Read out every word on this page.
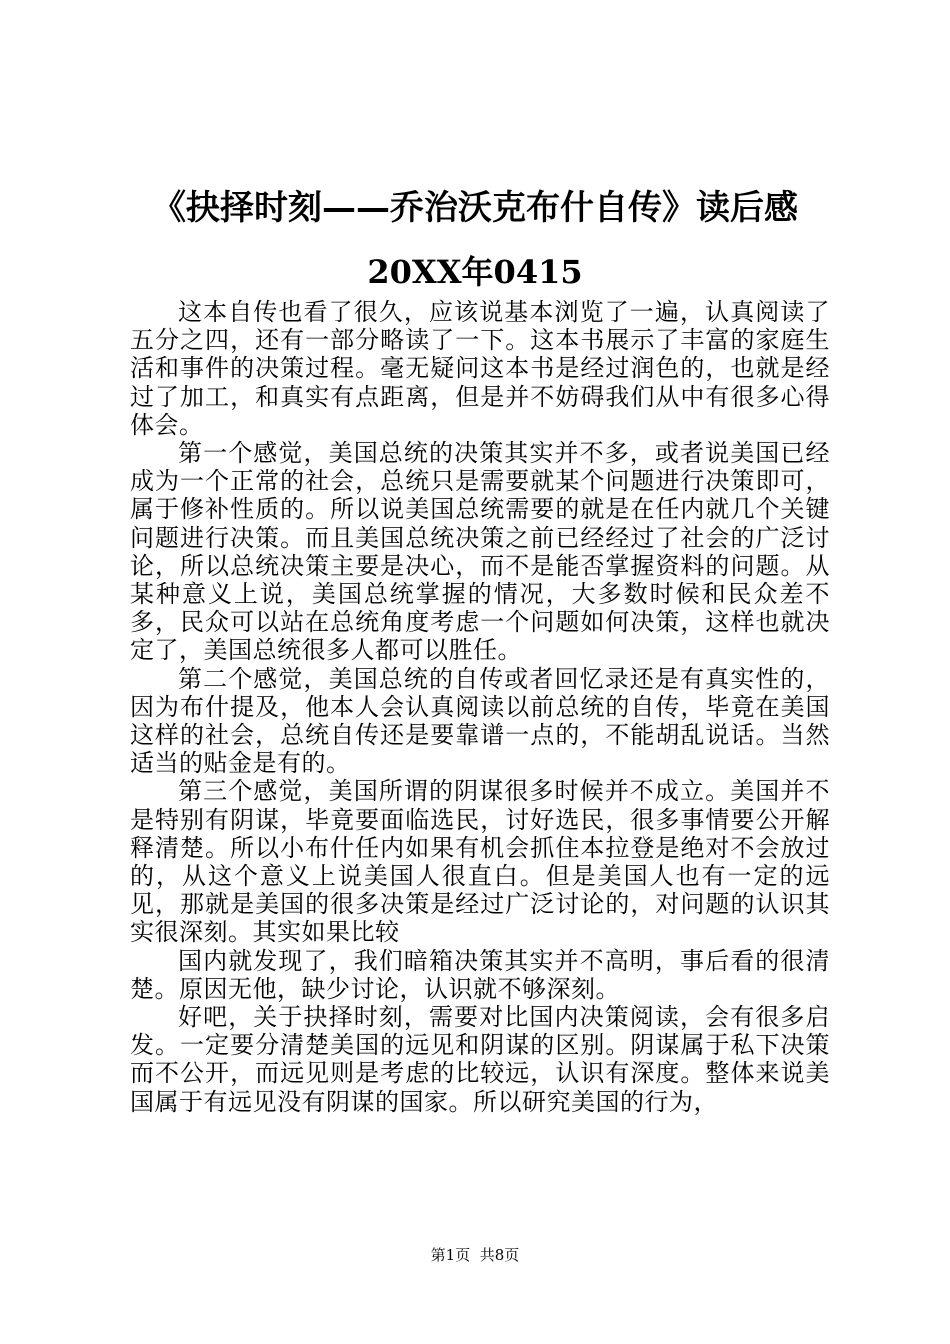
《抉择时刻——乔治沃克布什自传》读后感
20XX年0415

这本自传也看了很久，应该说基本浏览了一遍，认真阅读了五分之四，还有一部分略读了一下。这本书展示了丰富的家庭生活和事件的决策过程。毫无疑问这本书是经过润色的，也就是经过了加工，和真实有点距离，但是并不妨碍我们从中有很多心得体会。

第一个感觉，美国总统的决策其实并不多，或者说美国已经成为一个正常的社会，总统只是需要就某个问题进行决策即可，属于修补性质的。所以说美国总统需要的就是在任内就几个关键问题进行决策。而且美国总统决策之前已经经过了社会的广泛讨论，所以总统决策主要是决心，而不是能否掌握资料的问题。从某种意义上说，美国总统掌握的情况，大多数时候和民众差不多，民众可以站在总统角度考虑一个问题如何决策，这样也就决定了，美国总统很多人都可以胜任。

第二个感觉，美国总统的自传或者回忆录还是有真实性的，因为布什提及，他本人会认真阅读以前总统的自传，毕竟在美国这样的社会，总统自传还是要靠谱一点的，不能胡乱说话。当然适当的贴金是有的。

第三个感觉，美国所谓的阴谋很多时候并不成立。美国并不是特别有阴谋，毕竟要面临选民，讨好选民，很多事情要公开解释清楚。所以小布什任内如果有机会抓住本拉登是绝对不会放过的，从这个意义上说美国人很直白。但是美国人也有一定的远见，那就是美国的很多决策是经过广泛讨论的，对问题的认识其实很深刻。其实如果比较

国内就发现了，我们暗箱决策其实并不高明，事后看的很清楚。原因无他，缺少讨论，认识就不够深刻。

好吧，关于抉择时刻，需要对比国内决策阅读，会有很多启发。一定要分清楚美国的远见和阴谋的区别。阴谋属于私下决策而不公开，而远见则是考虑的比较远，认识有深度。整体来说美国属于有远见没有阴谋的国家。所以研究美国的行为，

第1页 共8页
